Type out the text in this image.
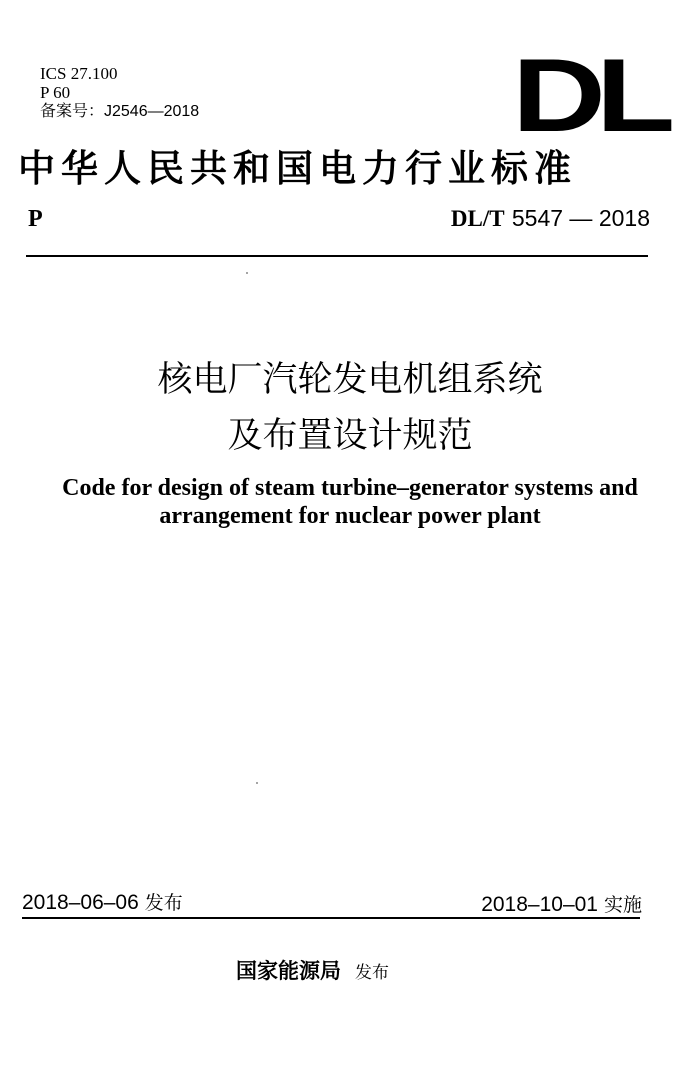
ICS 27.100
P 60
备案号：J2546—2018	DL
中华人民共和国电力行业标准
P	DL/T 5547 — 2018
核电厂汽轮发电机组系统
及布置设计规范
Code for design of steam turbine–generator systems and
arrangement for nuclear power plant
2018–06–06 发布	2018–10–01 实施
国家能源局 发布
